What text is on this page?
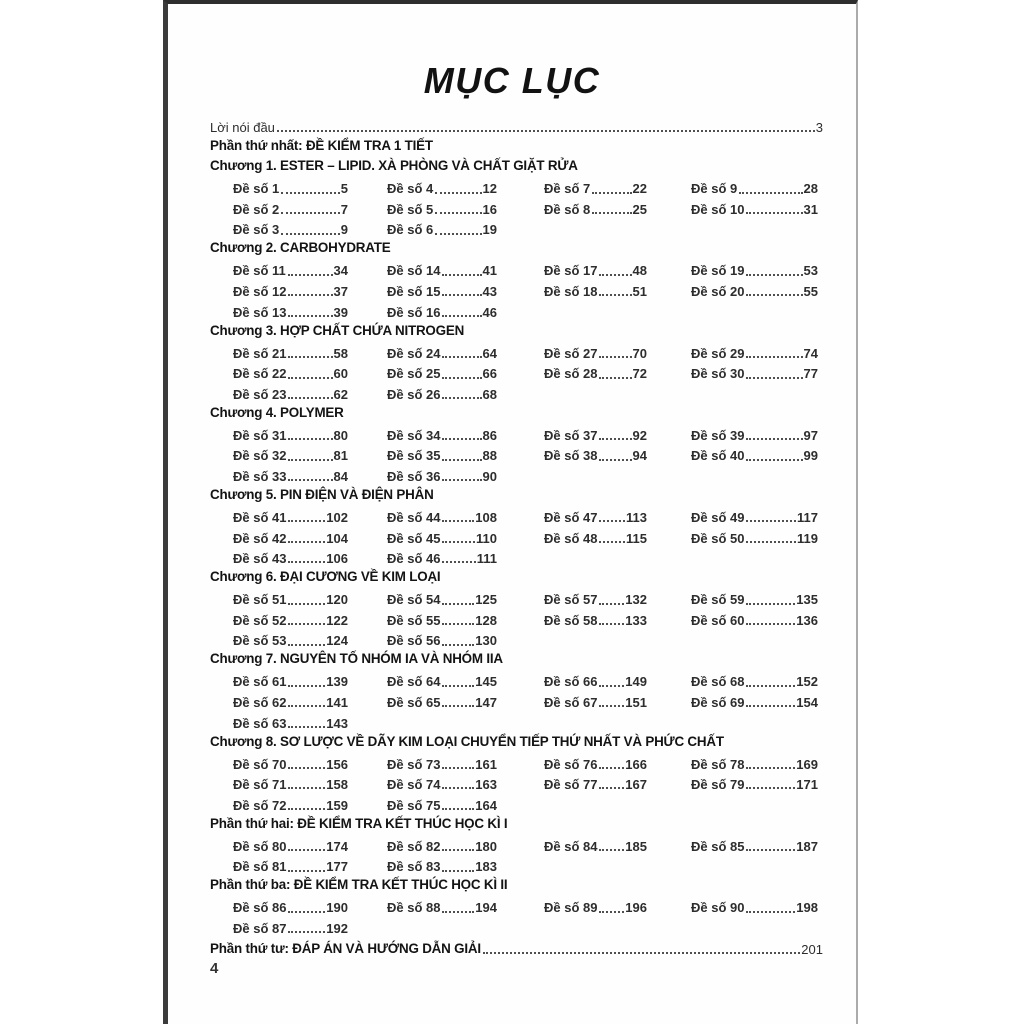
MỤC LỤC
Lời nói đầu	3
Phần thứ nhất: ĐỀ KIỂM TRA 1 TIẾT
Chương 1. ESTER – LIPID. XÀ PHÒNG VÀ CHẤT GIẶT RỬA
Đề số 1	5	Đề số 4	12	Đề số 7	22	Đề số 9	28
Đề số 2	7	Đề số 5	16	Đề số 8	25	Đề số 10	31
Đề số 3	9	Đề số 6	19
Chương 2. CARBOHYDRATE
Đề số 11	34	Đề số 14	41	Đề số 17	48	Đề số 19	53
Đề số 12	37	Đề số 15	43	Đề số 18	51	Đề số 20	55
Đề số 13	39	Đề số 16	46
Chương 3. HỢP CHẤT CHỨA NITROGEN
Đề số 21	58	Đề số 24	64	Đề số 27	70	Đề số 29	74
Đề số 22	60	Đề số 25	66	Đề số 28	72	Đề số 30	77
Đề số 23	62	Đề số 26	68
Chương 4. POLYMER
Đề số 31	80	Đề số 34	86	Đề số 37	92	Đề số 39	97
Đề số 32	81	Đề số 35	88	Đề số 38	94	Đề số 40	99
Đề số 33	84	Đề số 36	90
Chương 5. PIN ĐIỆN VÀ ĐIỆN PHÂN
Đề số 41	102	Đề số 44	108	Đề số 47 113	Đề số 49	117
Đề số 42	104	Đề số 45	110	Đề số 48 115	Đề số 50	119
Đề số 43	106	Đề số 46	111
Chương 6. ĐẠI CƯƠNG VỀ KIM LOẠI
Đề số 51	120	Đề số 54	125	Đề số 57 132	Đề số 59	135
Đề số 52	122	Đề số 55	128	Đề số 58 133	Đề số 60	136
Đề số 53	124	Đề số 56	130
Chương 7. NGUYÊN TỐ NHÓM IA VÀ NHÓM IIA
Đề số 61	139	Đề số 64	145	Đề số 66 149	Đề số 68	152
Đề số 62	141	Đề số 65	147	Đề số 67 151	Đề số 69	154
Đề số 63	143
Chương 8. SƠ LƯỢC VỀ DÃY KIM LOẠI CHUYỂN TIẾP THỨ NHẤT VÀ PHỨC CHẤT
Đề số 70	156	Đề số 73	161	Đề số 76 166	Đề số 78	169
Đề số 71	158	Đề số 74	163	Đề số 77 167	Đề số 79	171
Đề số 72	159	Đề số 75	164
Phần thứ hai: ĐỀ KIỂM TRA KẾT THÚC HỌC KÌ I
Đề số 80	174	Đề số 82	180	Đề số 84 185	Đề số 85	187
Đề số 81	177	Đề số 83	183
Phần thứ ba: ĐỀ KIỂM TRA KẾT THÚC HỌC KÌ II
Đề số 86	190	Đề số 88	194	Đề số 89 196	Đề số 90	198
Đề số 87	192
Phần thứ tư: ĐÁP ÁN VÀ HƯỚNG DẪN GIẢI	201
4
